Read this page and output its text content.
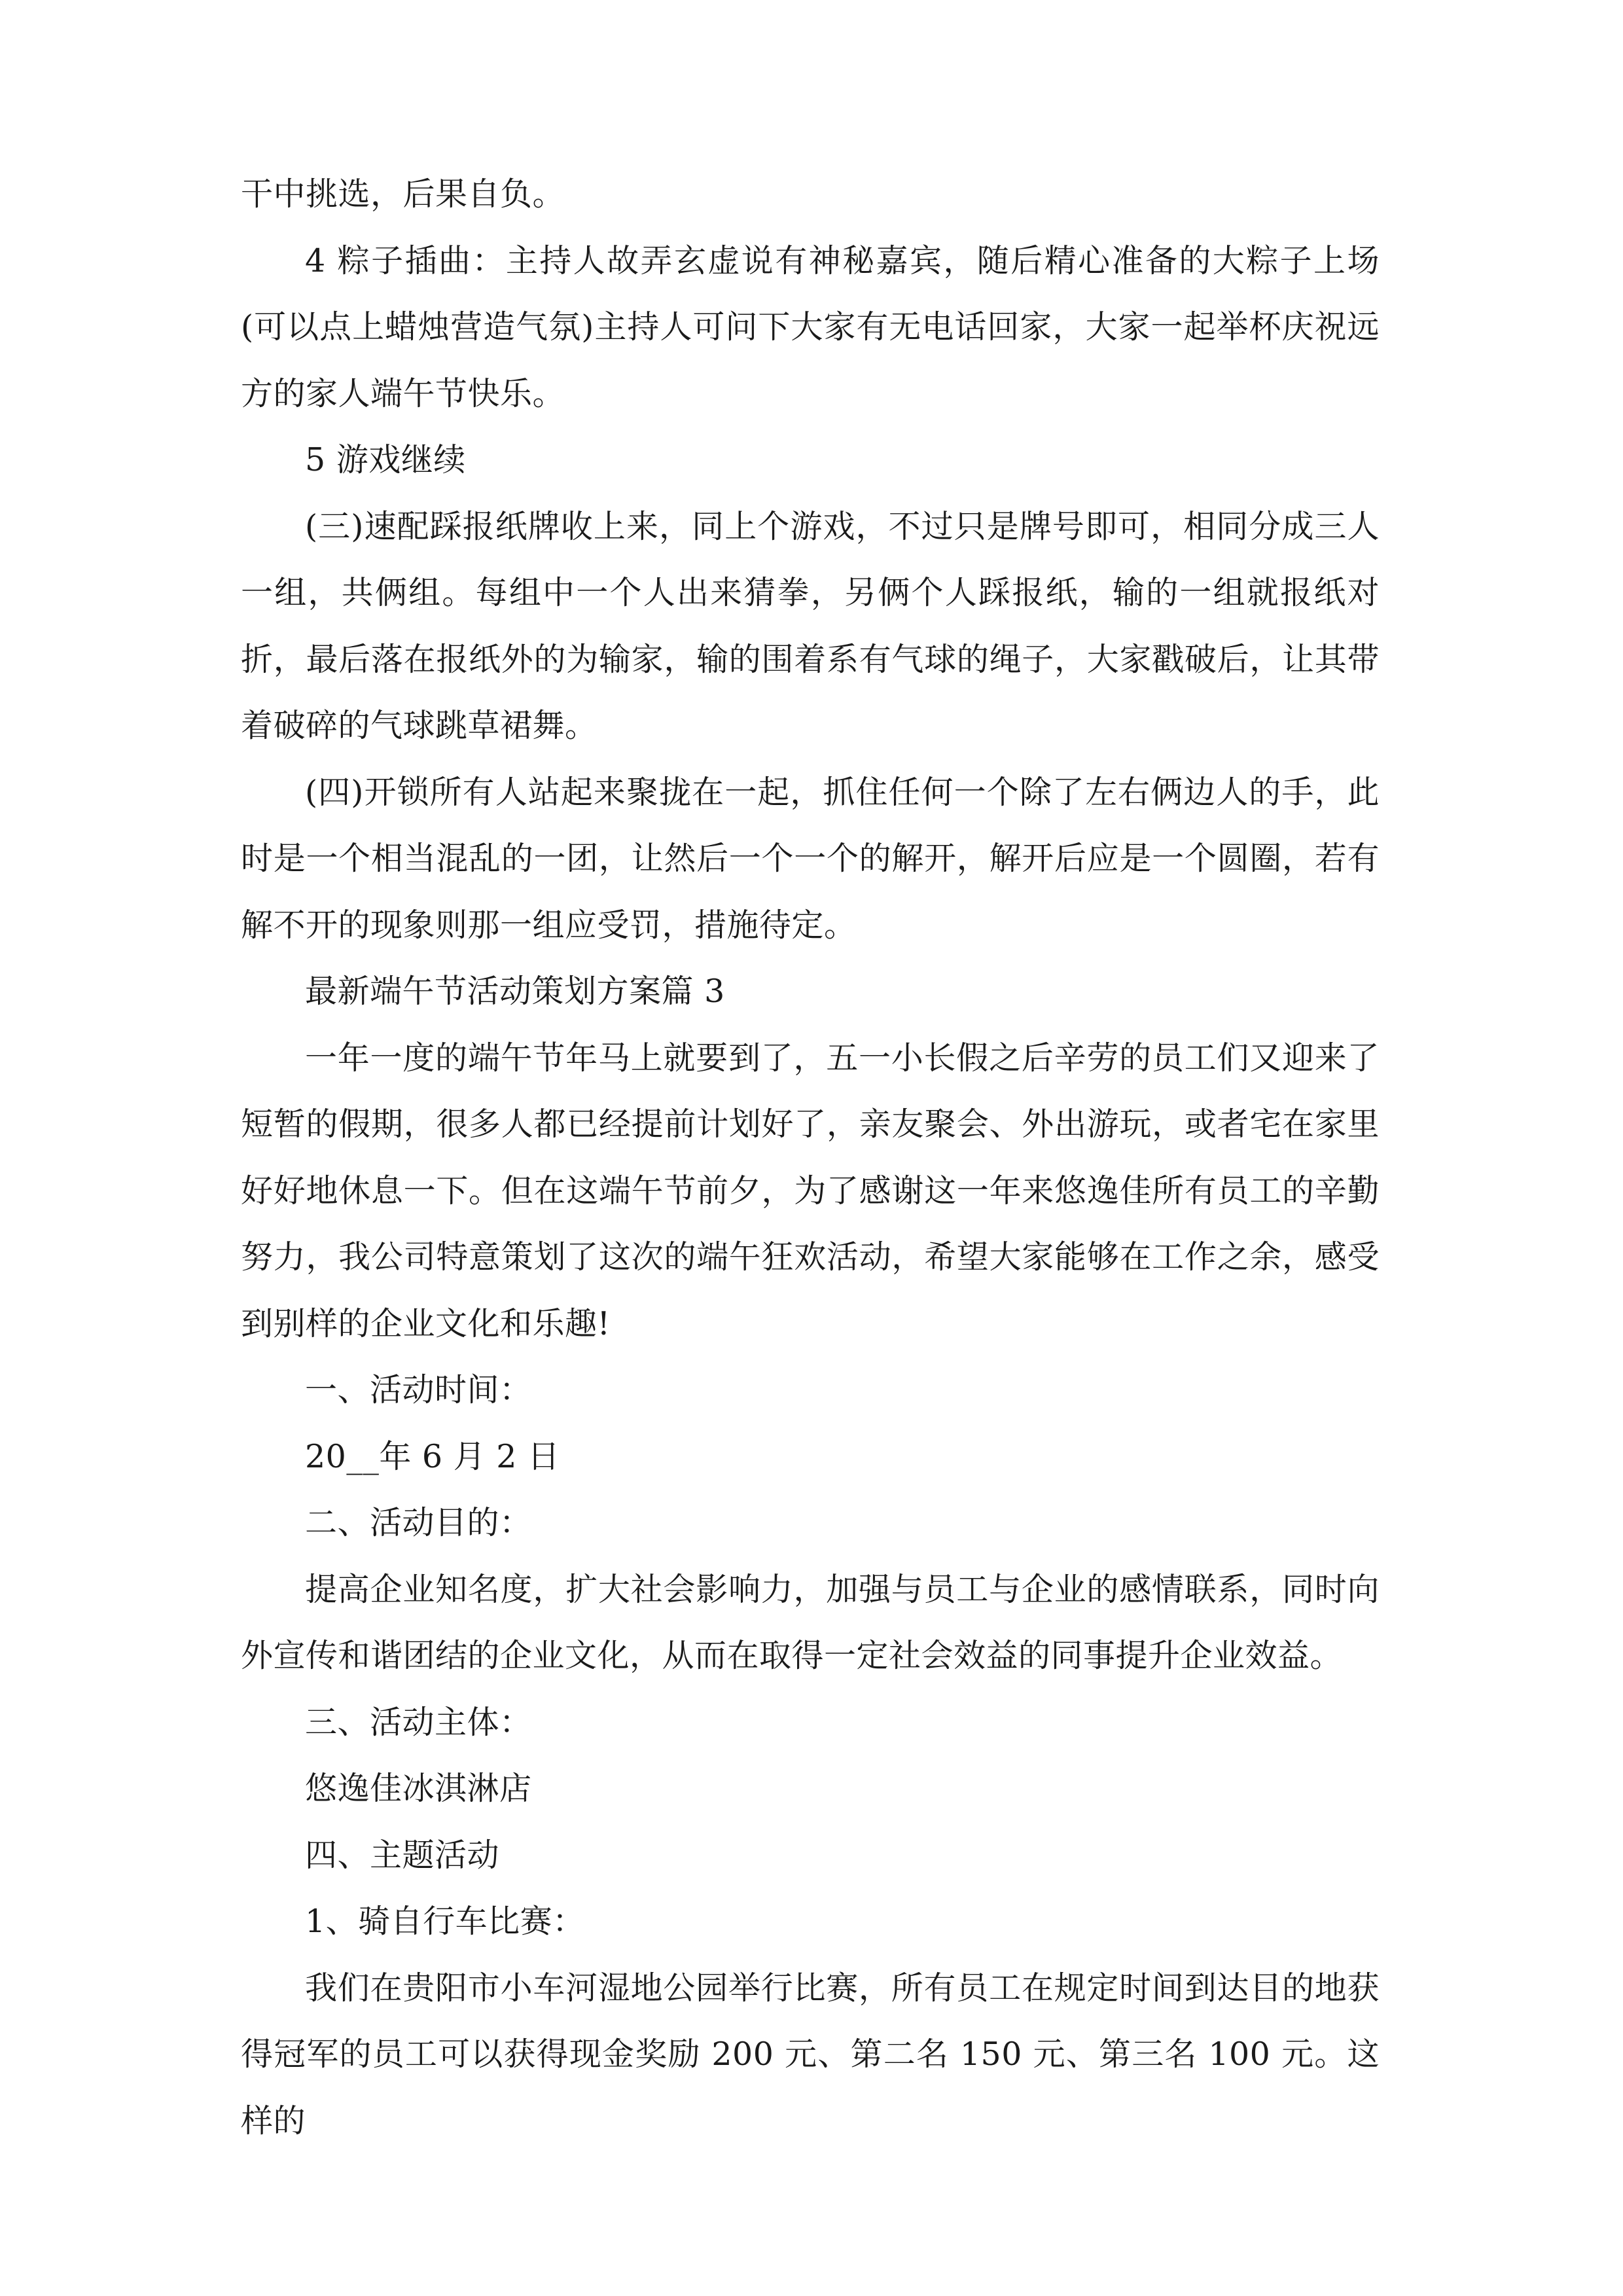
干中挑选，后果自负。

4 粽子插曲：主持人故弄玄虚说有神秘嘉宾，随后精心准备的大粽子上场(可以点上蜡烛营造气氛)主持人可问下大家有无电话回家，大家一起举杯庆祝远方的家人端午节快乐。

5 游戏继续

(三)速配踩报纸牌收上来，同上个游戏，不过只是牌号即可，相同分成三人一组，共俩组。每组中一个人出来猜拳，另俩个人踩报纸，输的一组就报纸对折，最后落在报纸外的为输家，输的围着系有气球的绳子，大家戳破后，让其带着破碎的气球跳草裙舞。

(四)开锁所有人站起来聚拢在一起，抓住任何一个除了左右俩边人的手，此时是一个相当混乱的一团，让然后一个一个的解开，解开后应是一个圆圈，若有解不开的现象则那一组应受罚，措施待定。

最新端午节活动策划方案篇 3

一年一度的端午节年马上就要到了，五一小长假之后辛劳的员工们又迎来了短暂的假期，很多人都已经提前计划好了，亲友聚会、外出游玩，或者宅在家里好好地休息一下。但在这端午节前夕，为了感谢这一年来悠逸佳所有员工的辛勤努力，我公司特意策划了这次的端午狂欢活动，希望大家能够在工作之余，感受到别样的企业文化和乐趣!

一、活动时间：

20__年 6 月 2 日

二、活动目的：

提高企业知名度，扩大社会影响力，加强与员工与企业的感情联系，同时向外宣传和谐团结的企业文化，从而在取得一定社会效益的同事提升企业效益。

三、活动主体：

悠逸佳冰淇淋店

四、主题活动

1、骑自行车比赛：

我们在贵阳市小车河湿地公园举行比赛，所有员工在规定时间到达目的地获得冠军的员工可以获得现金奖励 200 元、第二名 150 元、第三名 100 元。这样的
